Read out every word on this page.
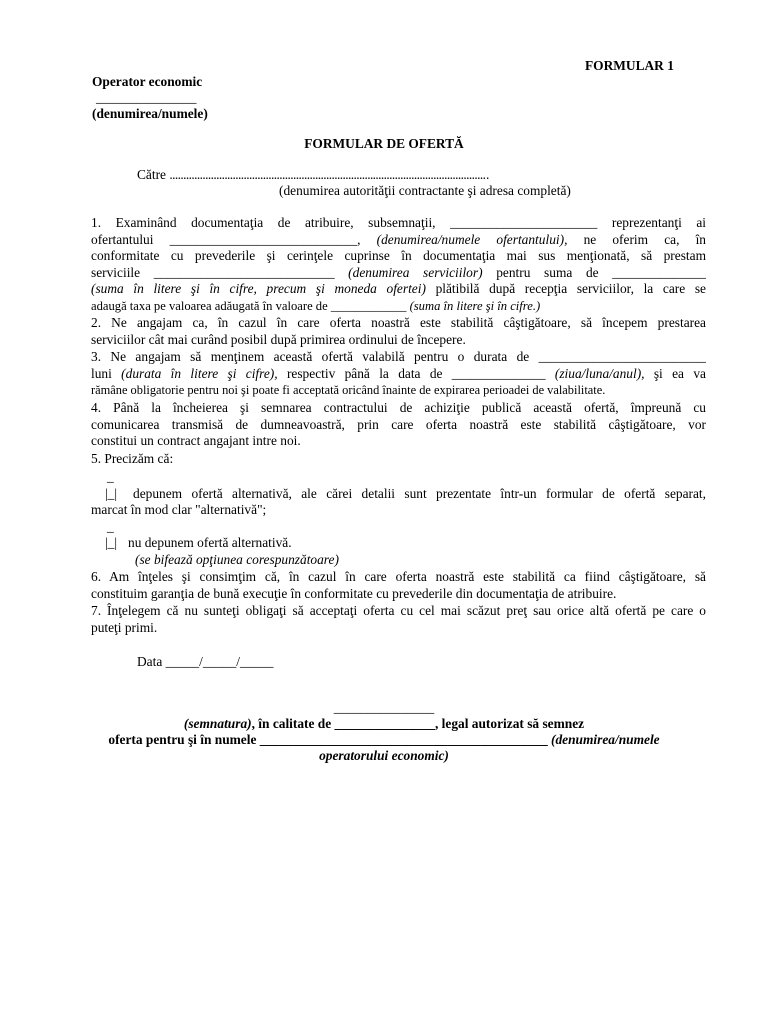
FORMULAR 1
Operator economic
_______________
(denumirea/numele)
FORMULAR DE OFERTĂ
Către ....................................................................................................................
(denumirea autorităţii contractante şi adresa completă)
1. Examinând documentaţia de atribuire, subsemnaţii, ______________________ reprezentanţi ai
ofertantului ____________________________, (denumirea/numele ofertantului), ne oferim ca, în
conformitate cu prevederile şi cerinţele cuprinse în documentaţia mai sus menţionată, să prestam
serviciile ___________________________ (denumirea serviciilor) pentru suma de ______________
(suma în litere şi în cifre, precum şi moneda ofertei) plătibilă după recepţia serviciilor, la care se
adaugă taxa pe valoarea adăugată în valoare de ____________ (suma în litere şi în cifre.)
2. Ne angajam ca, în cazul în care oferta noastră este stabilită câştigătoare, să începem prestarea
serviciilor cât mai curând posibil după primirea ordinului de începere.
3. Ne angajam să menţinem această ofertă valabilă pentru o durata de _________________________
luni (durata în litere şi cifre), respectiv până la data de ______________ (ziua/luna/anul), şi ea va
rămâne obligatorie pentru noi şi poate fi acceptată oricând înainte de expirarea perioadei de valabilitate.
4. Până la încheierea şi semnarea contractului de achiziţie publică această ofertă, împreună cu
comunicarea transmisă de dumneavoastră, prin care oferta noastră este stabilită câştigătoare, vor
constitui un contract angajant intre noi.
5. Precizăm că:
_
|_| depunem ofertă alternativă, ale cărei detalii sunt prezentate într-un formular de ofertă separat,
marcat în mod clar "alternativă";
_
|_| nu depunem ofertă alternativă.
(se bifează opţiunea corespunzătoare)
6. Am înţeles şi consimţim că, în cazul în care oferta noastră este stabilită ca fiind câştigătoare, să
constituim garanţia de bună execuţie în conformitate cu prevederile din documentaţia de atribuire.
7. Înţelegem că nu sunteţi obligaţi să acceptaţi oferta cu cel mai scăzut preţ sau orice altă ofertă pe care o
puteţi primi.
Data _____/_____/_____
_______________
(semnatura), în calitate de _______________, legal autorizat să semnez
oferta pentru şi în numele ___________________________________________ (denumirea/numele
operatorului economic)
